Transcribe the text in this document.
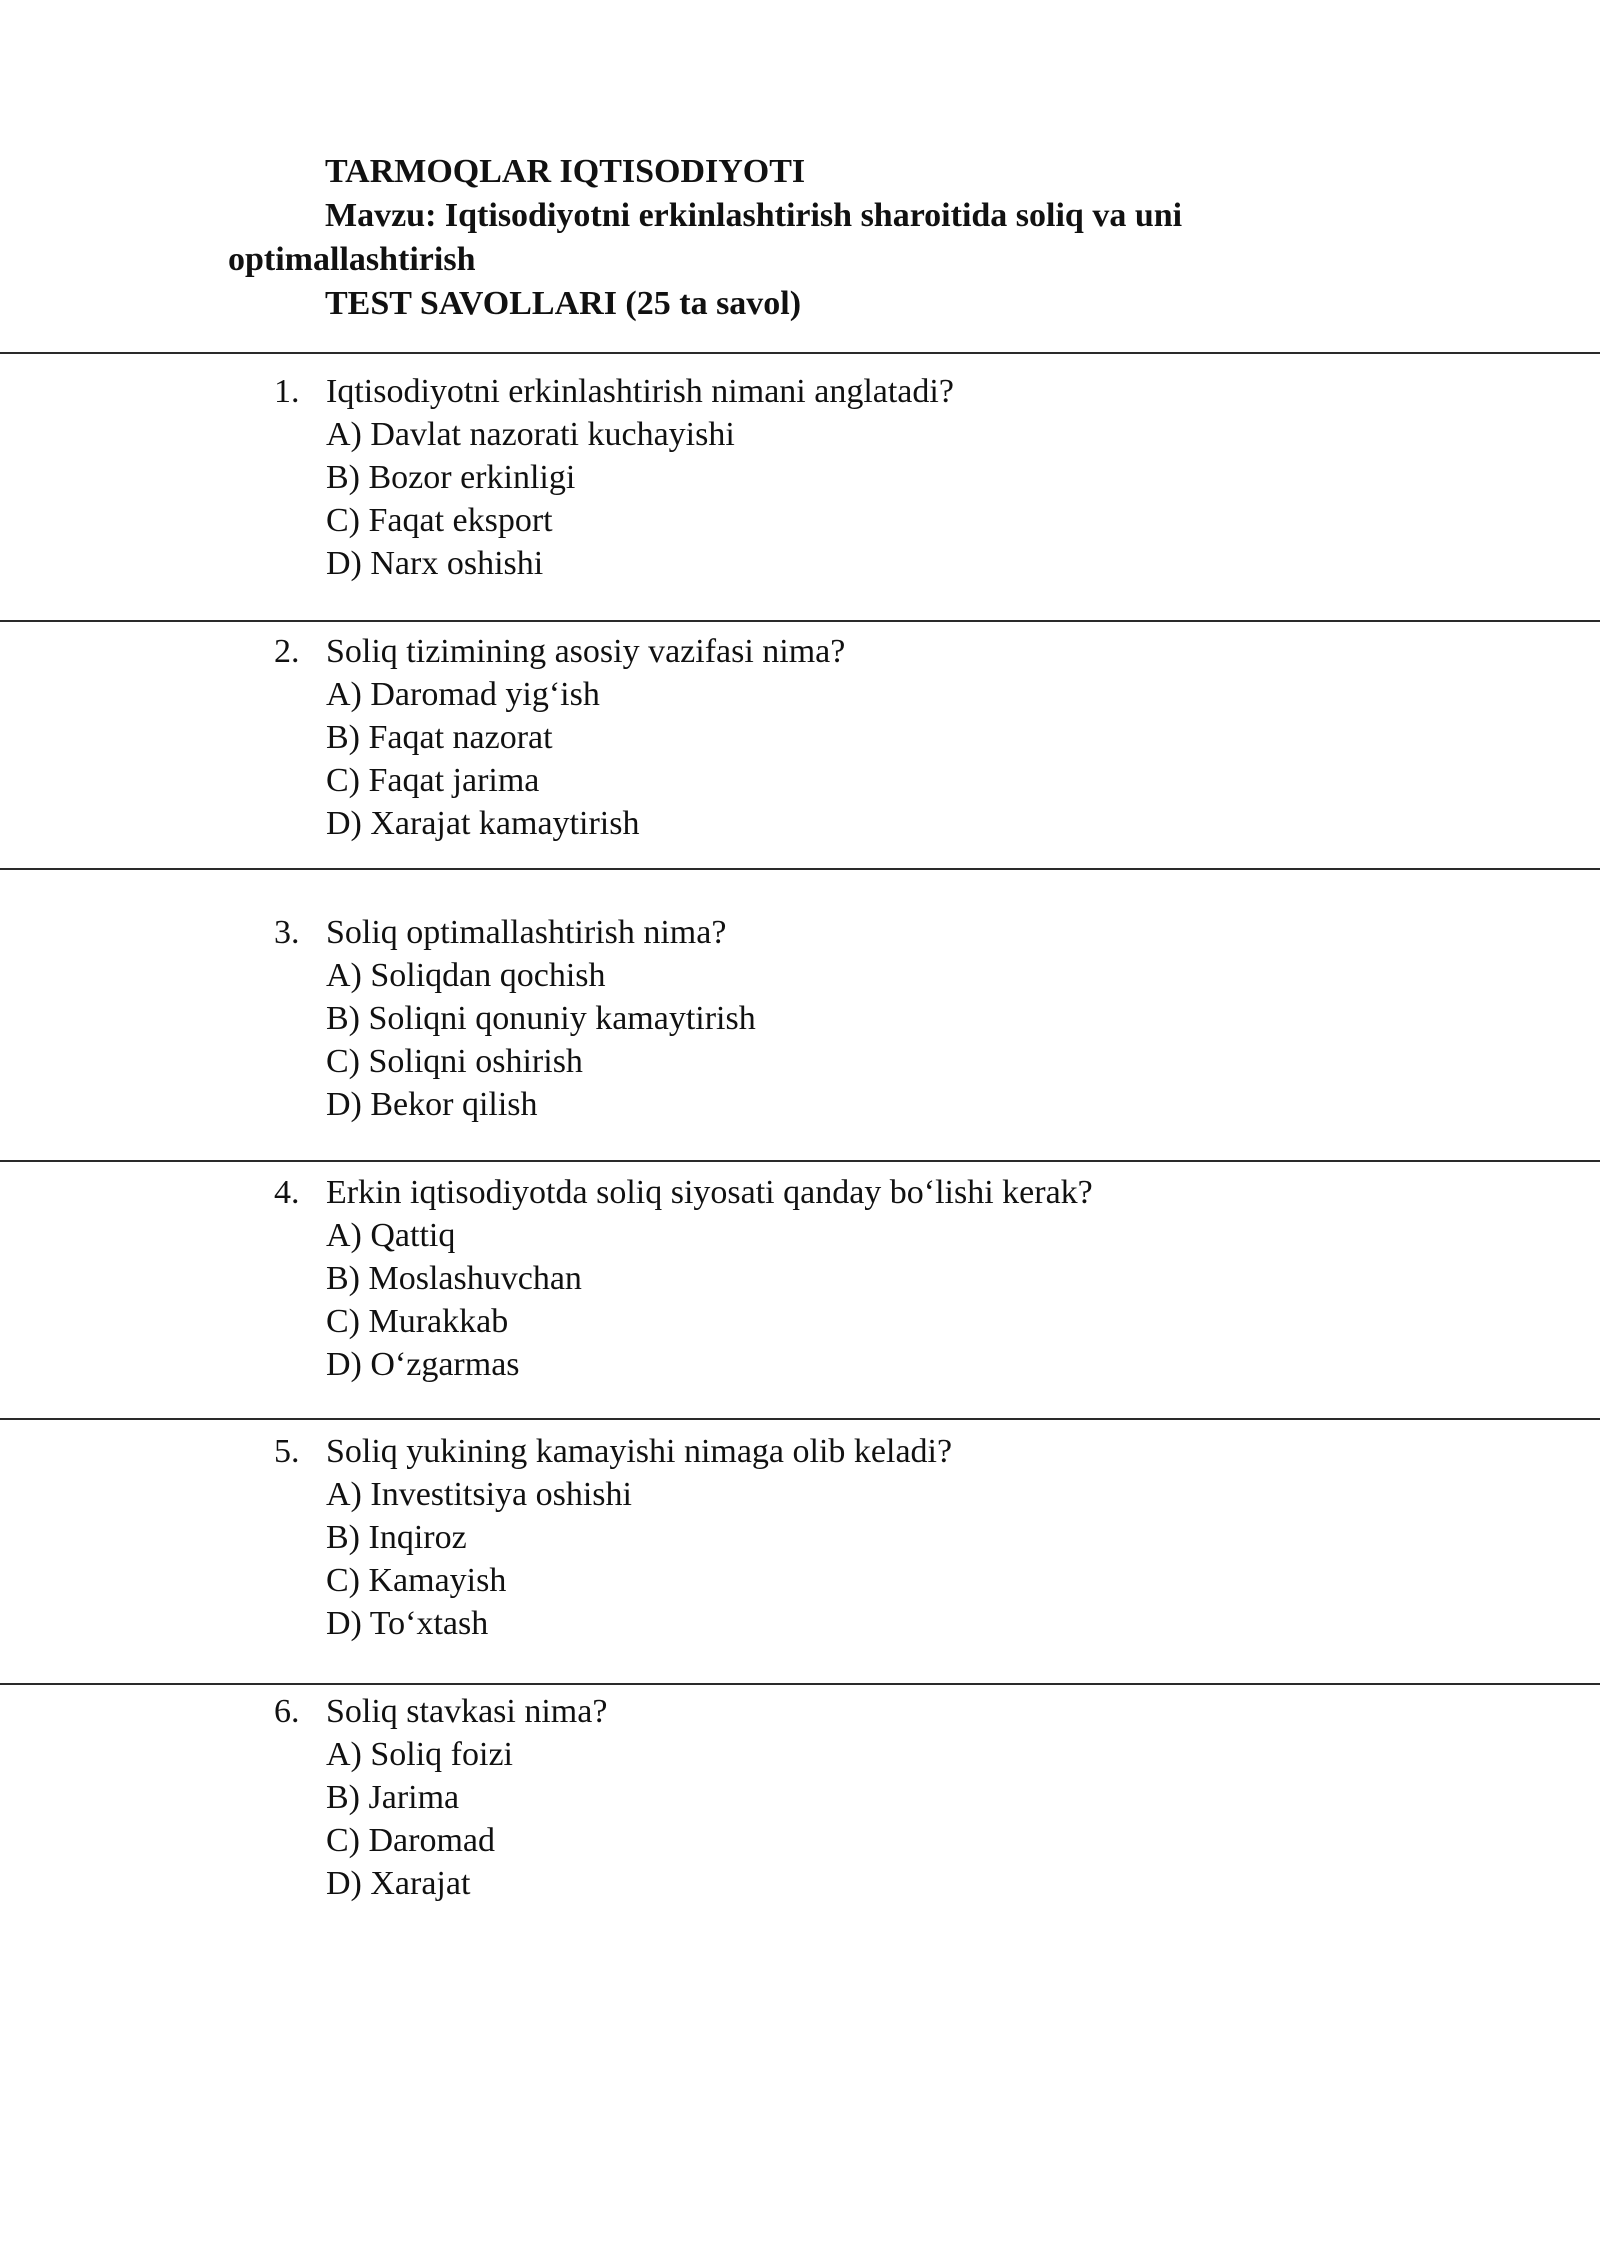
TARMOQLAR IQTISODIYOTI
Mavzu: Iqtisodiyotni erkinlashtirish sharoitida soliq va uni
optimallashtirish
TEST SAVOLLARI (25 ta savol)
1. Iqtisodiyotni erkinlashtirish nimani anglatadi?
A) Davlat nazorati kuchayishi
B) Bozor erkinligi
C) Faqat eksport
D) Narx oshishi
2. Soliq tizimining asosiy vazifasi nima?
A) Daromad yig‘ish
B) Faqat nazorat
C) Faqat jarima
D) Xarajat kamaytirish
3. Soliq optimallashtirish nima?
A) Soliqdan qochish
B) Soliqni qonuniy kamaytirish
C) Soliqni oshirish
D) Bekor qilish
4. Erkin iqtisodiyotda soliq siyosati qanday bo‘lishi kerak?
A) Qattiq
B) Moslashuvchan
C) Murakkab
D) O‘zgarmas
5. Soliq yukining kamayishi nimaga olib keladi?
A) Investitsiya oshishi
B) Inqiroz
C) Kamayish
D) To‘xtash
6. Soliq stavkasi nima?
A) Soliq foizi
B) Jarima
C) Daromad
D) Xarajat
